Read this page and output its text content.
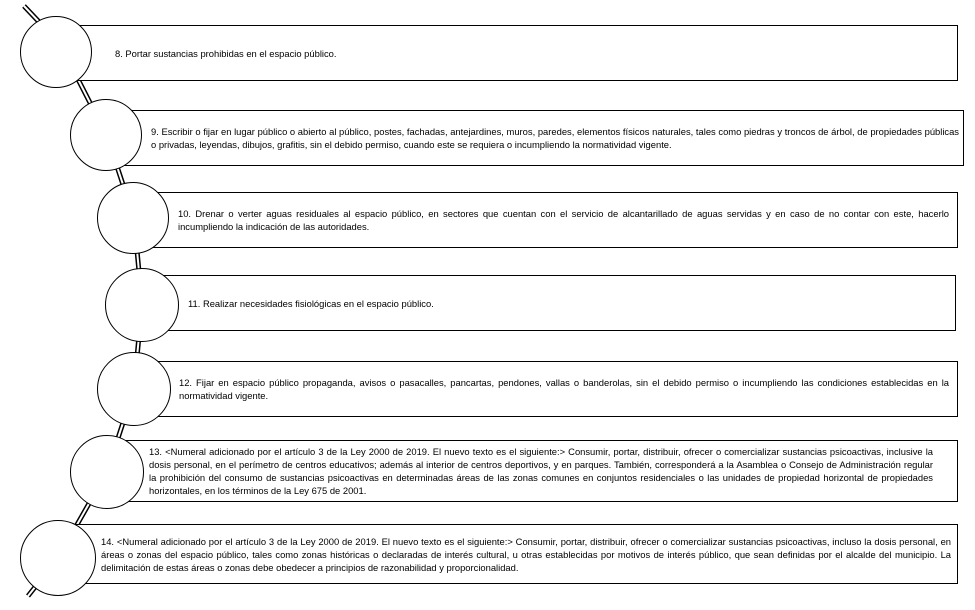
8. Portar sustancias prohibidas en el espacio público.
9. Escribir o fijar en lugar público o abierto al público, postes, fachadas, antejardines, muros, paredes, elementos físicos naturales, tales como piedras y troncos de árbol, de propiedades públicas o privadas, leyendas, dibujos, grafitis, sin el debido permiso, cuando este se requiera o incumpliendo la normatividad vigente.
10. Drenar o verter aguas residuales al espacio público, en sectores que cuentan con el servicio de alcantarillado de aguas servidas y en caso de no contar con este, hacerlo incumpliendo la indicación de las autoridades.
11. Realizar necesidades fisiológicas en el espacio público.
12. Fijar en espacio público propaganda, avisos o pasacalles, pancartas, pendones, vallas o banderolas, sin el debido permiso o incumpliendo las condiciones establecidas en la normatividad vigente.
13. <Numeral adicionado por el artículo 3 de la Ley 2000 de 2019. El nuevo texto es el siguiente:> Consumir, portar, distribuir, ofrecer o comercializar sustancias psicoactivas, inclusive la dosis personal, en el perímetro de centros educativos; además al interior de centros deportivos, y en parques. También, corresponderá a la Asamblea o Consejo de Administración regular la prohibición del consumo de sustancias psicoactivas en determinadas áreas de las zonas comunes en conjuntos residenciales o las unidades de propiedad horizontal de propiedades horizontales, en los términos de la Ley 675 de 2001.
14. <Numeral adicionado por el artículo 3 de la Ley 2000 de 2019. El nuevo texto es el siguiente:> Consumir, portar, distribuir, ofrecer o comercializar sustancias psicoactivas, incluso la dosis personal, en áreas o zonas del espacio público, tales como zonas históricas o declaradas de interés cultural, u otras establecidas por motivos de interés público, que sean definidas por el alcalde del municipio. La delimitación de estas áreas o zonas debe obedecer a principios de razonabilidad y proporcionalidad.
